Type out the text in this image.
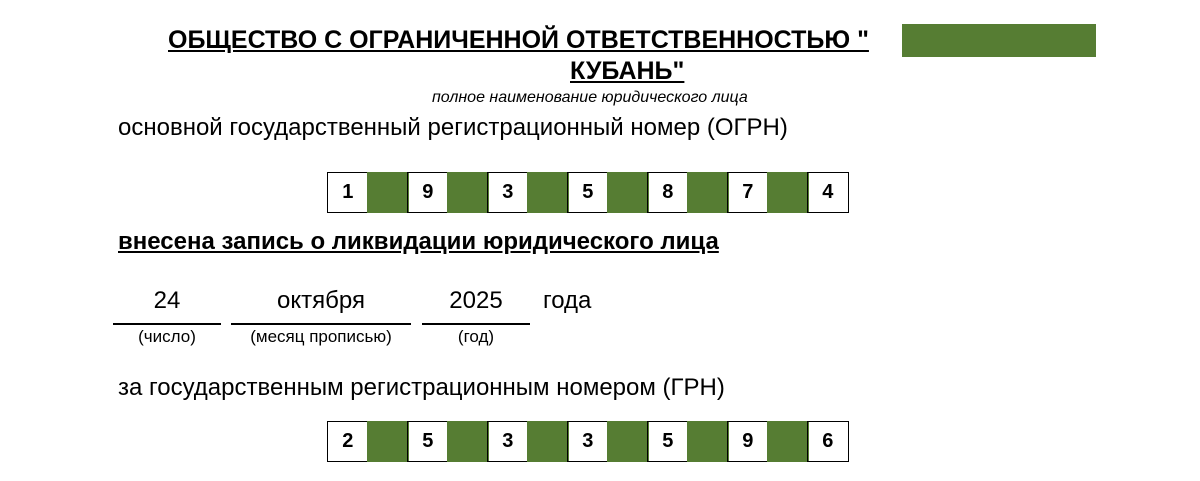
ОБЩЕСТВО С ОГРАНИЧЕННОЙ ОТВЕТСТВЕННОСТЬЮ "
КУБАНЬ"
полное наименование юридического лица
основной государственный регистрационный номер (ОГРН)
1	9	3	5	8	7	4
внесена запись о ликвидации юридического лица
24
(число)
октября
(месяц прописью)
2025
(год)
года
за государственным регистрационным номером (ГРН)
2	5	3	3	5	9	6
